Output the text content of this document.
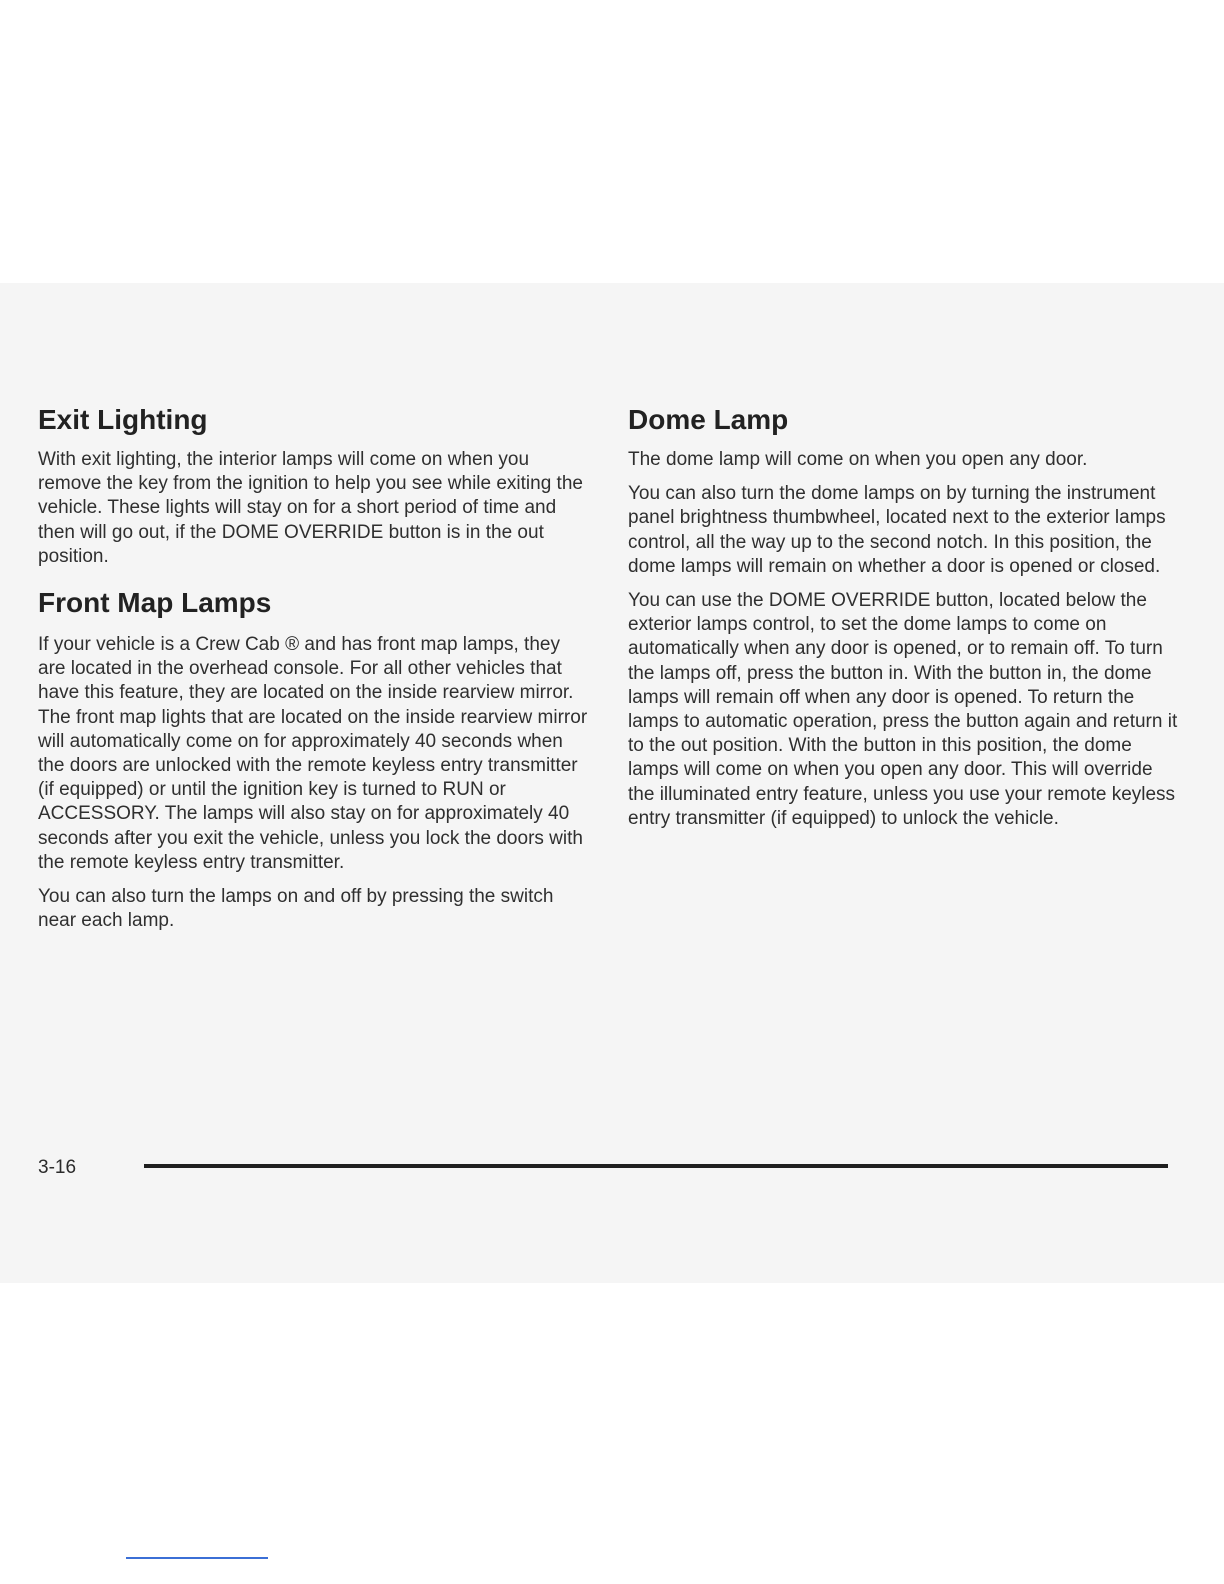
Exit Lighting

With exit lighting, the interior lamps will come on when you remove the key from the ignition to help you see while exiting the vehicle. These lights will stay on for a short period of time and then will go out, if the DOME OVERRIDE button is in the out position.

Front Map Lamps

If your vehicle is a Crew Cab ® and has front map lamps, they are located in the overhead console. For all other vehicles that have this feature, they are located on the inside rearview mirror. The front map lights that are located on the inside rearview mirror will automatically come on for approximately 40 seconds when the doors are unlocked with the remote keyless entry transmitter (if equipped) or until the ignition key is turned to RUN or ACCESSORY. The lamps will also stay on for approximately 40 seconds after you exit the vehicle, unless you lock the doors with the remote keyless entry transmitter.

You can also turn the lamps on and off by pressing the switch near each lamp.

Dome Lamp

The dome lamp will come on when you open any door.

You can also turn the dome lamps on by turning the instrument panel brightness thumbwheel, located next to the exterior lamps control, all the way up to the second notch. In this position, the dome lamps will remain on whether a door is opened or closed.

You can use the DOME OVERRIDE button, located below the exterior lamps control, to set the dome lamps to come on automatically when any door is opened, or to remain off. To turn the lamps off, press the button in. With the button in, the dome lamps will remain off when any door is opened. To return the lamps to automatic operation, press the button again and return it to the out position. With the button in this position, the dome lamps will come on when you open any door. This will override the illuminated entry feature, unless you use your remote keyless entry transmitter (if equipped) to unlock the vehicle.

3-16
